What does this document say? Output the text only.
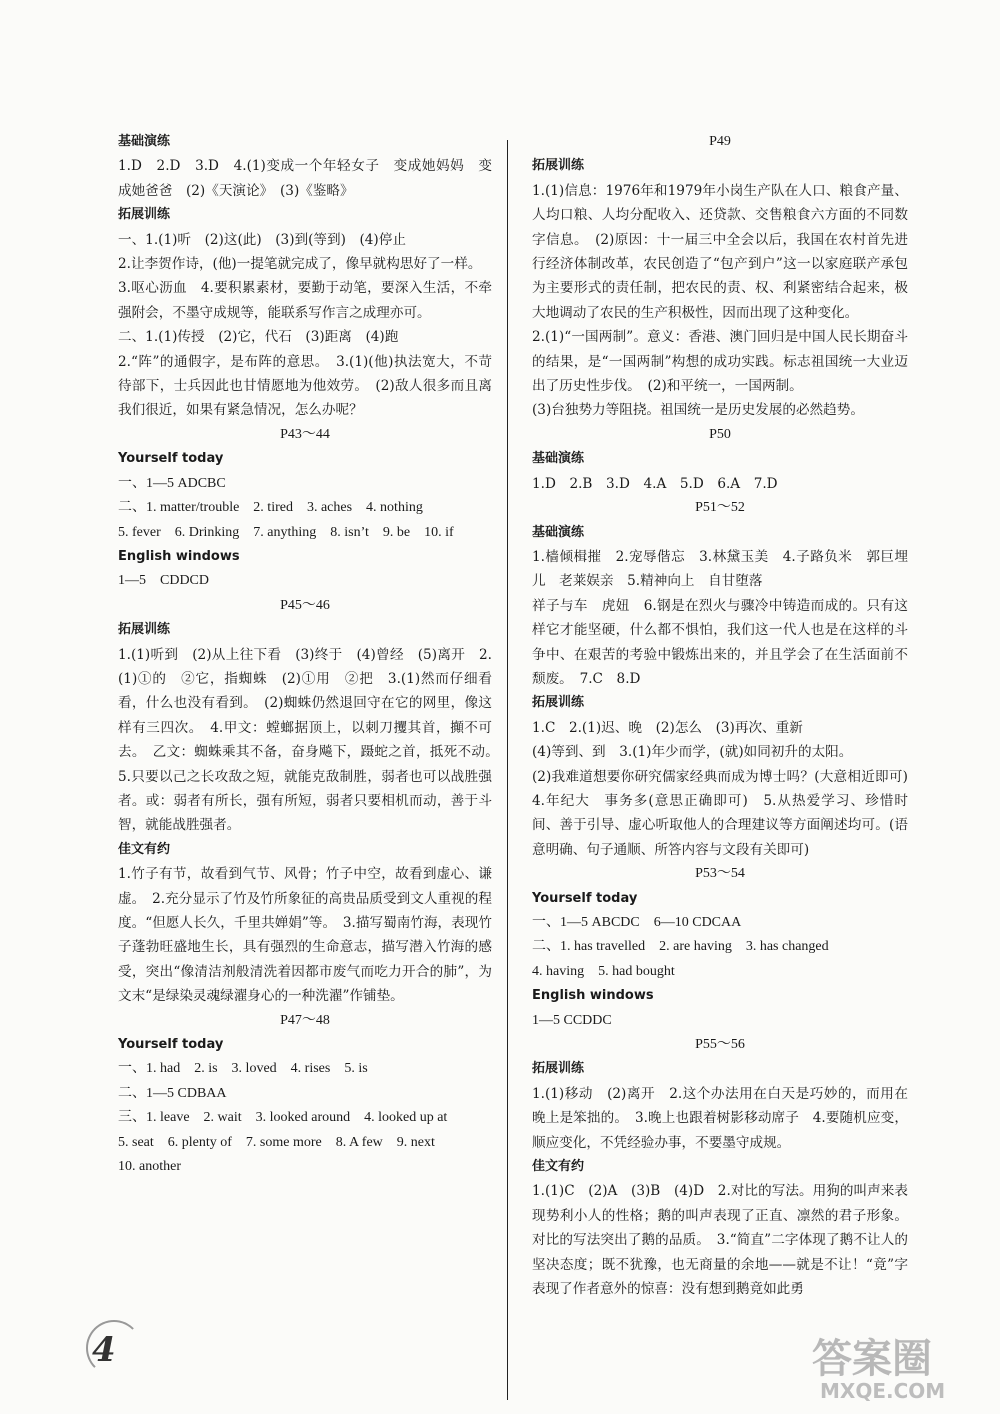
基础演练
1.D　2.D　3.D　4.(1)变成一个年轻女子　变成她妈妈　变成她爸爸　(2)《天演论》　(3)《鉴略》
拓展训练
一、1.(1)听　(2)这(此)　(3)到(等到)　(4)停止
2.让李贺作诗，(他)一提笔就完成了，像早就构思好了一样。
3.呕心沥血　4.要积累素材，要勤于动笔，要深入生活，不牵强附会，不墨守成规等，能联系写作言之成理亦可。
二、1.(1)传授　(2)它，代石　(3)距离　(4)跑
2.“阵”的通假字，是布阵的意思。　3.(1)(他)执法宽大，不苛待部下，士兵因此也甘情愿地为他效劳。　(2)敌人很多而且离我们很近，如果有紧急情况，怎么办呢？
P43～44
Yourself today
一、1—5 ADCBC
二、1. matter/trouble　2. tired　3. aches　4. nothing
5. fever　6. Drinking　7. anything　8. isn’t　9. be　10. if
English windows
1—5　CDDCD
P45～46
拓展训练
1.(1)听到　(2)从上往下看　(3)终于　(4)曾经　(5)离开　2.(1)①的　②它，指蜘蛛　(2)①用　②把　3.(1)然而仔细看看，什么也没有看到。　(2)蜘蛛仍然退回守在它的网里，像这样有三四次。　4.甲文：螳螂据顶上，以刺刀攫其首，攧不可去。　乙文：蜘蛛乘其不备，奋身飚下，蹑蛇之首，抵死不动。　5.只要以己之长攻敌之短，就能克敌制胜，弱者也可以战胜强者。或：弱者有所长，强有所短，弱者只要相机而动，善于斗智，就能战胜强者。
佳文有约
1.竹子有节，故看到气节、风骨；竹子中空，故看到虚心、谦虚。　2.充分显示了竹及竹所象征的高贵品质受到文人重视的程度。“但愿人长久，千里共婵娟”等。　3.描写蜀南竹海，表现竹子蓬勃旺盛地生长，具有强烈的生命意志，描写潜入竹海的感受，突出“像清洁剂般清洗着因都市废气而吃力开合的肺”，为文末“是绿染灵魂绿濯身心的一种洗濯”作铺垫。
P47～48
Yourself today
一、1. had　2. is　3. loved　4. rises　5. is
二、1—5 CDBAA
三、1. leave　2. wait　3. looked around　4. looked up at
5. seat　6. plenty of　7. some more　8. A few　9. next
10. another
P49
拓展训练
1.(1)信息：1976年和1979年小岗生产队在人口、粮食产量、人均口粮、人均分配收入、还贷款、交售粮食六方面的不同数字信息。　(2)原因：十一届三中全会以后，我国在农村首先进行经济体制改革，农民创造了“包产到户”这一以家庭联产承包为主要形式的责任制，把农民的责、权、利紧密结合起来，极大地调动了农民的生产积极性，因而出现了这种变化。
2.(1)“一国两制”。意义：香港、澳门回归是中国人民长期奋斗的结果，是“一国两制”构想的成功实践。标志祖国统一大业迈出了历史性步伐。　(2)和平统一，一国两制。
(3)台独势力等阻挠。祖国统一是历史发展的必然趋势。
P50
基础演练
1.D　2.B　3.D　4.A　5.D　6.A　7.D
P51～52
基础演练
1.樯倾楫摧　2.宠辱偕忘　3.林黛玉美　4.子路负米　郭巨埋儿　老莱娱亲　5.精神向上　自甘堕落
祥子与车　虎妞　6.钢是在烈火与骤冷中铸造而成的。只有这样它才能坚硬，什么都不惧怕，我们这一代人也是在这样的斗争中、在艰苦的考验中锻炼出来的，并且学会了在生活面前不颓废。　7.C　8.D
拓展训练
1.C　2.(1)迟、晚　(2)怎么　(3)再次、重新
(4)等到、到　3.(1)年少而学，(就)如同初升的太阳。
(2)我难道想要你研究儒家经典而成为博士吗？(大意相近即可)　4.年纪大　事务多(意思正确即可)　5.从热爱学习、珍惜时间、善于引导、虚心听取他人的合理建议等方面阐述均可。(语意明确、句子通顺、所答内容与文段有关即可)
P53～54
Yourself today
一、1—5 ABCDC　6—10 CDCAA
二、1. has travelled　2. are having　3. has changed
4. having　5. had bought
English windows
1—5 CCDDC
P55～56
拓展训练
1.(1)移动　(2)离开　2.这个办法用在白天是巧妙的，而用在晚上是笨拙的。　3.晚上也跟着树影移动席子　4.要随机应变，顺应变化，不凭经验办事，不要墨守成规。
佳文有约
1.(1)C　(2)A　(3)B　(4)D　2.对比的写法。用狗的叫声来表现势利小人的性格；鹅的叫声表现了正直、凛然的君子形象。对比的写法突出了鹅的品质。　3.“简直”二字体现了鹅不让人的坚决态度；既不犹豫，也无商量的余地——就是不让！“竟”字表现了作者意外的惊喜：没有想到鹅竟如此勇
4	答案圈
MXQE.COM
